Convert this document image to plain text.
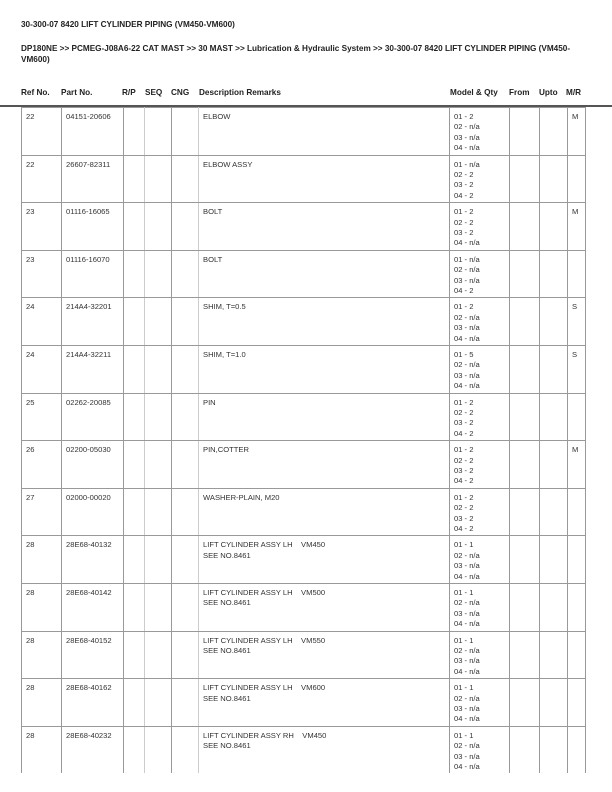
30-300-07 8420 LIFT CYLINDER PIPING (VM450-VM600)
DP180NE >> PCMEG-J08A6-22 CAT MAST >> 30 MAST >> Lubrication & Hydraulic System >> 30-300-07 8420 LIFT CYLINDER PIPING (VM450-VM600)
Ref No. Part No.	R/P SEQ CNG Description Remarks	Model & Qty From Upto M/R
22	04151-20606				ELBOW	01 - 2
02 - n/a
03 - n/a
04 - n/a			M
22	26607-82311				ELBOW ASSY	01 - n/a
02 - 2
03 - 2
04 - 2			
23	01116-16065				BOLT	01 - 2
02 - 2
03 - 2
04 - n/a			M
23	01116-16070				BOLT	01 - n/a
02 - n/a
03 - n/a
04 - 2			
24	214A4-32201				SHIM, T=0.5	01 - 2
02 - n/a
03 - n/a
04 - n/a			S
24	214A4-32211				SHIM, T=1.0	01 - 5
02 - n/a
03 - n/a
04 - n/a			S
25	02262-20085				PIN	01 - 2
02 - 2
03 - 2
04 - 2			
26	02200-05030				PIN,COTTER	01 - 2
02 - 2
03 - 2
04 - 2			M
27	02000-00020				WASHER-PLAIN, M20	01 - 2
02 - 2
03 - 2
04 - 2			
28	28E68-40132				LIFT CYLINDER ASSY LH    VM450
SEE NO.8461	01 - 1
02 - n/a
03 - n/a
04 - n/a			
28	28E68-40142				LIFT CYLINDER ASSY LH    VM500
SEE NO.8461	01 - 1
02 - n/a
03 - n/a
04 - n/a			
28	28E68-40152				LIFT CYLINDER ASSY LH    VM550
SEE NO.8461	01 - 1
02 - n/a
03 - n/a
04 - n/a			
28	28E68-40162				LIFT CYLINDER ASSY LH    VM600
SEE NO.8461	01 - 1
02 - n/a
03 - n/a
04 - n/a			
28	28E68-40232				LIFT CYLINDER ASSY RH    VM450
SEE NO.8461	01 - 1
02 - n/a
03 - n/a
04 - n/a			
